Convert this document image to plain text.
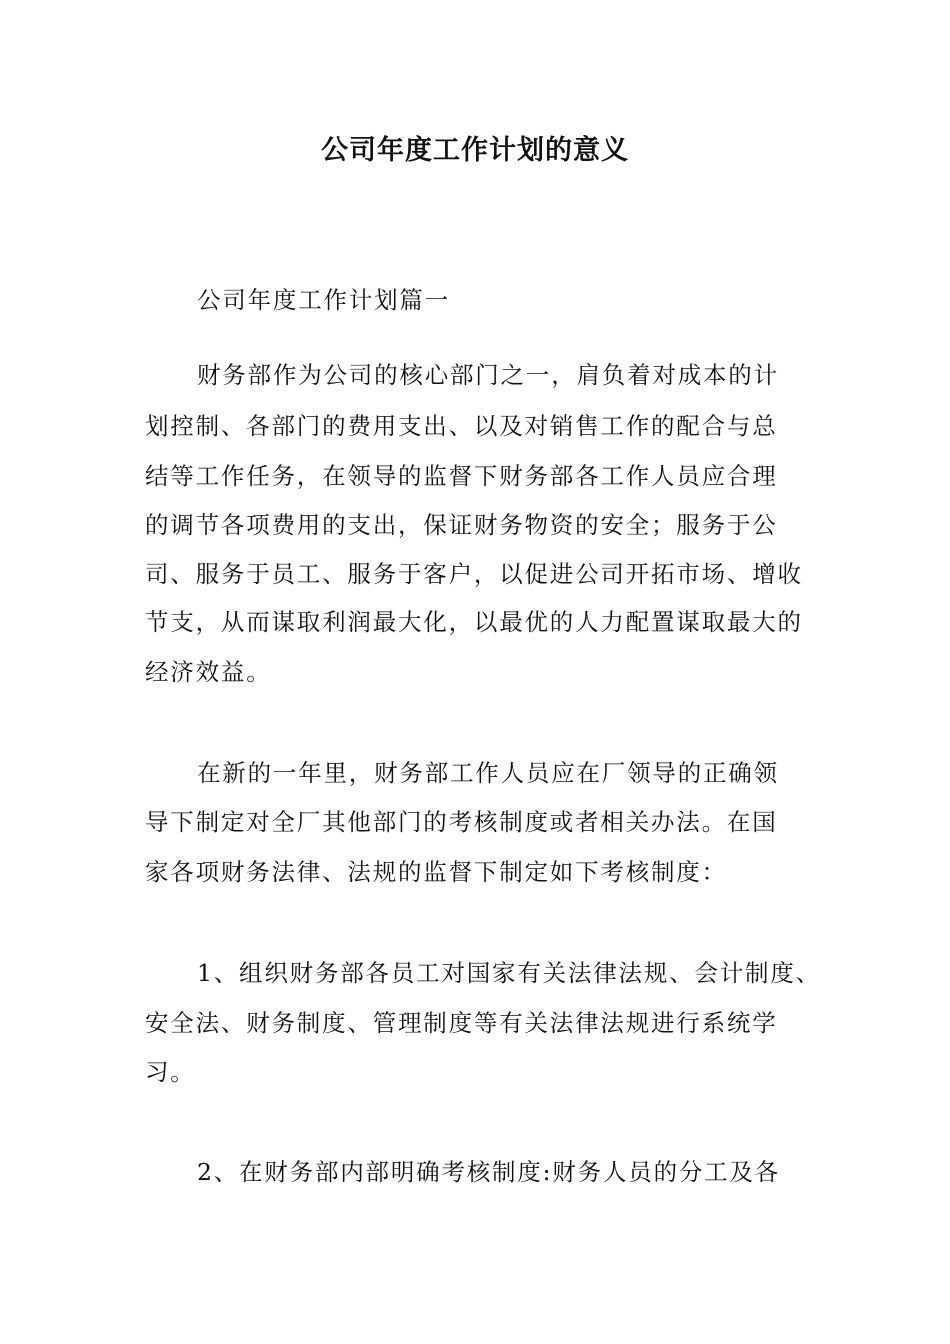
公司年度工作计划的意义
公司年度工作计划篇一
财务部作为公司的核心部门之一，肩负着对成本的计
划控制、各部门的费用支出、以及对销售工作的配合与总
结等工作任务，在领导的监督下财务部各工作人员应合理
的调节各项费用的支出，保证财务物资的安全；服务于公
司、服务于员工、服务于客户，以促进公司开拓市场、增收
节支，从而谋取利润最大化，以最优的人力配置谋取最大的
经济效益。
在新的一年里，财务部工作人员应在厂领导的正确领
导下制定对全厂其他部门的考核制度或者相关办法。在国
家各项财务法律、法规的监督下制定如下考核制度：
1、组织财务部各员工对国家有关法律法规、会计制度、
安全法、财务制度、管理制度等有关法律法规进行系统学
习。
2、在财务部内部明确考核制度:财务人员的分工及各
